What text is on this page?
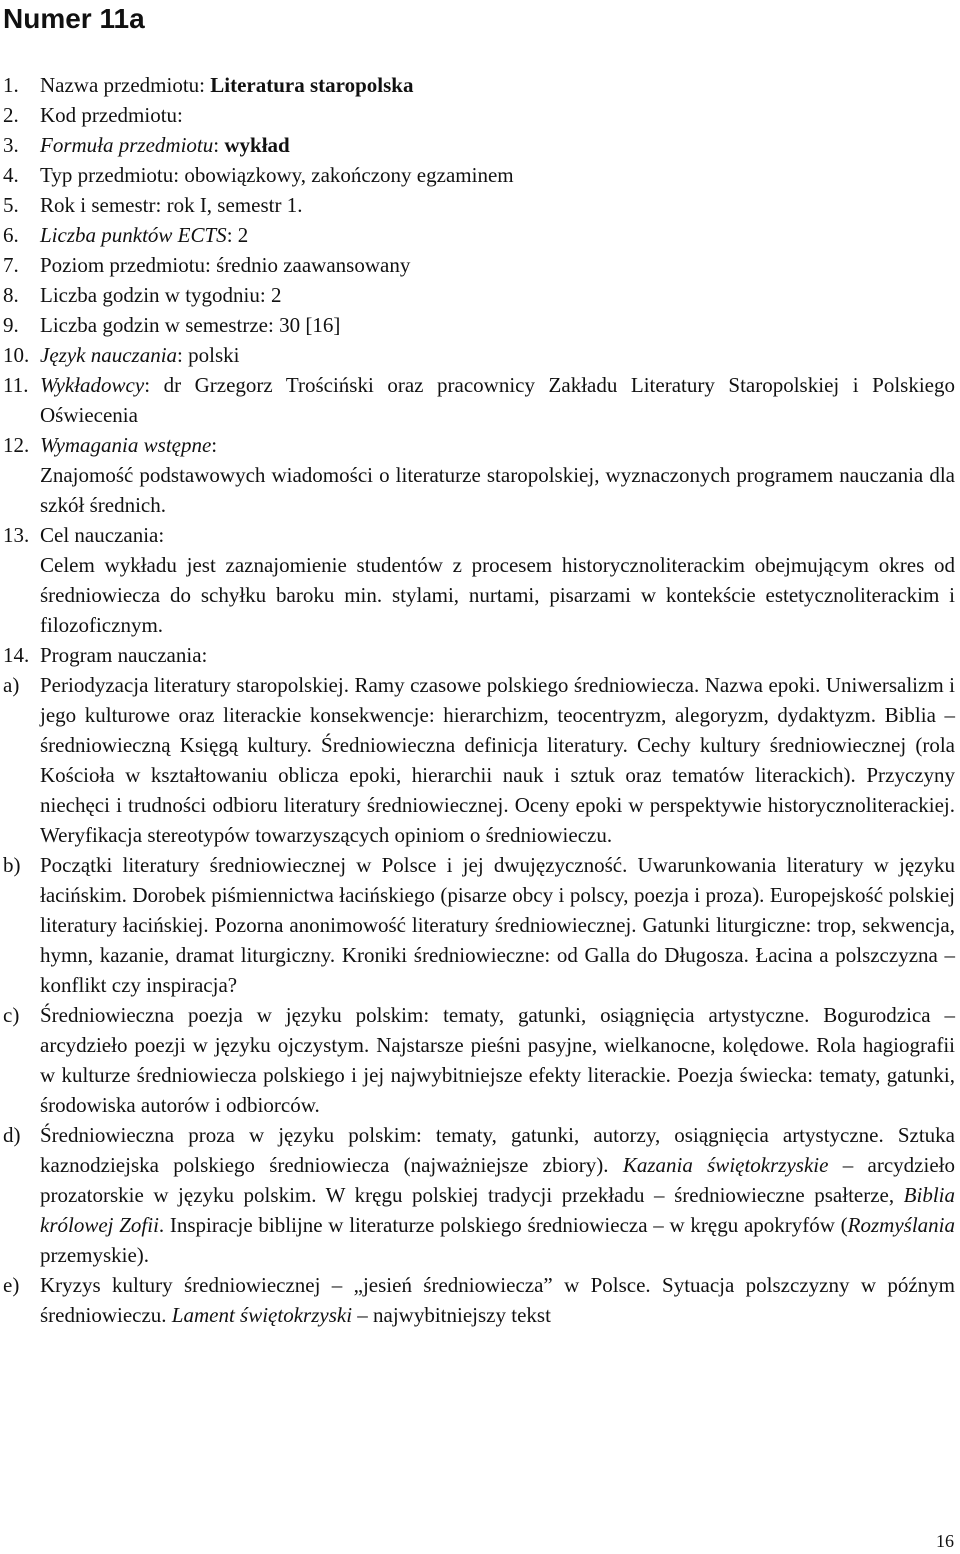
Numer 11a
1.	Nazwa przedmiotu: Literatura staropolska
2.	Kod przedmiotu:
3.	Formuła przedmiotu: wykład
4.	Typ przedmiotu: obowiązkowy, zakończony egzaminem
5.	Rok i semestr: rok I, semestr 1.
6.	Liczba punktów ECTS: 2
7.	Poziom przedmiotu: średnio zaawansowany
8.	Liczba godzin w tygodniu: 2
9.	Liczba godzin w semestrze: 30 [16]
10. Język nauczania: polski
11. Wykładowcy: dr Grzegorz Trościński oraz pracownicy Zakładu Literatury Staropolskiej i Polskiego Oświecenia
12. Wymagania wstępne:
Znajomość podstawowych wiadomości o literaturze staropolskiej, wyznaczonych programem nauczania dla szkół średnich.
13. Cel nauczania:
Celem wykładu jest zaznajomienie studentów z procesem historycznoliterackim obejmującym okres od średniowiecza do schyłku baroku min. stylami, nurtami, pisarzami w kontekście estetycznoliterackim i filozoficznym.
14. Program nauczania:
a) Periodyzacja literatury staropolskiej. Ramy czasowe polskiego średniowiecza. Nazwa epoki. Uniwersalizm i jego kulturowe oraz literackie konsekwencje: hierarchizm, teocentryzm, alegoryzm, dydaktyzm. Biblia – średniowieczną Księgą kultury. Średniowieczna definicja literatury. Cechy kultury średniowiecznej (rola Kościoła w kształtowaniu oblicza epoki, hierarchii nauk i sztuk oraz tematów literackich). Przyczyny niechęci i trudności odbioru literatury średniowiecznej. Oceny epoki w perspektywie historycznoliterackiej. Weryfikacja stereotypów towarzyszących opiniom o średniowieczu.
b) Początki literatury średniowiecznej w Polsce i jej dwujęzyczność. Uwarunkowania literatury w języku łacińskim. Dorobek piśmiennictwa łacińskiego (pisarze obcy i polscy, poezja i proza). Europejskość polskiej literatury łacińskiej. Pozorna anonimowość literatury średniowiecznej. Gatunki liturgiczne: trop, sekwencja, hymn, kazanie, dramat liturgiczny. Kroniki średniowieczne: od Galla do Długosza. Łacina a polszczyzna – konflikt czy inspiracja?
c) Średniowieczna poezja w języku polskim: tematy, gatunki, osiągnięcia artystyczne. Bogurodzica – arcydzieło poezji w języku ojczystym. Najstarsze pieśni pasyjne, wielkanocne, kolędowe. Rola hagiografii w kulturze średniowiecza polskiego i jej najwybitniejsze efekty literackie. Poezja świecka: tematy, gatunki, środowiska autorów i odbiorców.
d) Średniowieczna proza w języku polskim: tematy, gatunki, autorzy, osiągnięcia artystyczne. Sztuka kaznodziejska polskiego średniowiecza (najważniejsze zbiory). Kazania świętokrzyskie – arcydzieło prozatorskie w języku polskim. W kręgu polskiej tradycji przekładu – średniowieczne psałterze, Biblia królowej Zofii. Inspiracje biblijne w literaturze polskiego średniowiecza – w kręgu apokryfów (Rozmyślania przemyskie).
e) Kryzys kultury średniowiecznej – „jesień średniowiecza” w Polsce. Sytuacja polszczyzny w późnym średniowieczu. Lament świętokrzyski – najwybitniejszy tekst
16
